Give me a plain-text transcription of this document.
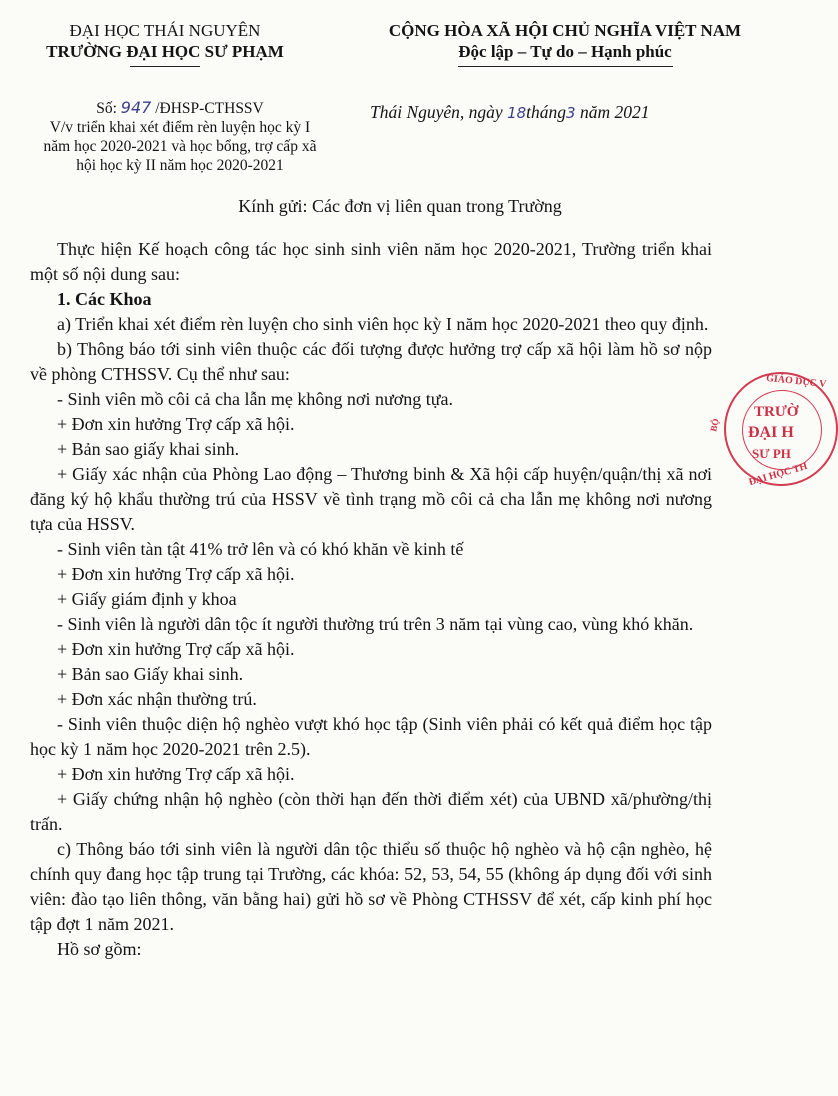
ĐẠI HỌC THÁI NGUYÊN
TRƯỜNG ĐẠI HỌC SƯ PHẠM
CỘNG HÒA XÃ HỘI CHỦ NGHĨA VIỆT NAM
Độc lập – Tự do – Hạnh phúc
Số: 947 /ĐHSP-CTHSSV
V/v triển khai xét điểm rèn luyện học kỳ I
năm học 2020-2021 và học bổng, trợ cấp xã
hội học kỳ II năm học 2020-2021
Thái Nguyên, ngày 18tháng3 năm 2021
Kính gửi: Các đơn vị liên quan trong Trường

Thực hiện Kế hoạch công tác học sinh sinh viên năm học 2020-2021, Trường triển khai một số nội dung sau:

1. Các Khoa

a) Triển khai xét điểm rèn luyện cho sinh viên học kỳ I năm học 2020-2021 theo quy định.

b) Thông báo tới sinh viên thuộc các đối tượng được hưởng trợ cấp xã hội làm hồ sơ nộp về phòng CTHSSV. Cụ thể như sau:

- Sinh viên mồ côi cả cha lẫn mẹ không nơi nương tựa.

+ Đơn xin hưởng Trợ cấp xã hội.

+ Bản sao giấy khai sinh.

+ Giấy xác nhận của Phòng Lao động – Thương binh & Xã hội cấp huyện/quận/thị xã nơi đăng ký hộ khẩu thường trú của HSSV về tình trạng mồ côi cả cha lẫn mẹ không nơi nương tựa của HSSV.

- Sinh viên tàn tật 41% trở lên và có khó khăn về kinh tế

+ Đơn xin hưởng Trợ cấp xã hội.

+ Giấy giám định y khoa

- Sinh viên là người dân tộc ít người thường trú trên 3 năm tại vùng cao, vùng khó khăn.

+ Đơn xin hưởng Trợ cấp xã hội.

+ Bản sao Giấy khai sinh.

+ Đơn xác nhận thường trú.

- Sinh viên thuộc diện hộ nghèo vượt khó học tập (Sinh viên phải có kết quả điểm học tập học kỳ 1 năm học 2020-2021 trên 2.5).

+ Đơn xin hưởng Trợ cấp xã hội.

+ Giấy chứng nhận hộ nghèo (còn thời hạn đến thời điểm xét) của UBND xã/phường/thị trấn.

c) Thông báo tới sinh viên là người dân tộc thiểu số thuộc hộ nghèo và hộ cận nghèo, hệ chính quy đang học tập trung tại Trường, các khóa: 52, 53, 54, 55 (không áp dụng đối với sinh viên: đào tạo liên thông, văn bằng hai) gửi hồ sơ về Phòng CTHSSV để xét, cấp kinh phí học tập đợt 1 năm 2021.

Hồ sơ gồm:

GIÁO DỤC V
BỘ
ĐẠI HỌC TH
TRƯỜ
ĐẠI H
SƯ PH
